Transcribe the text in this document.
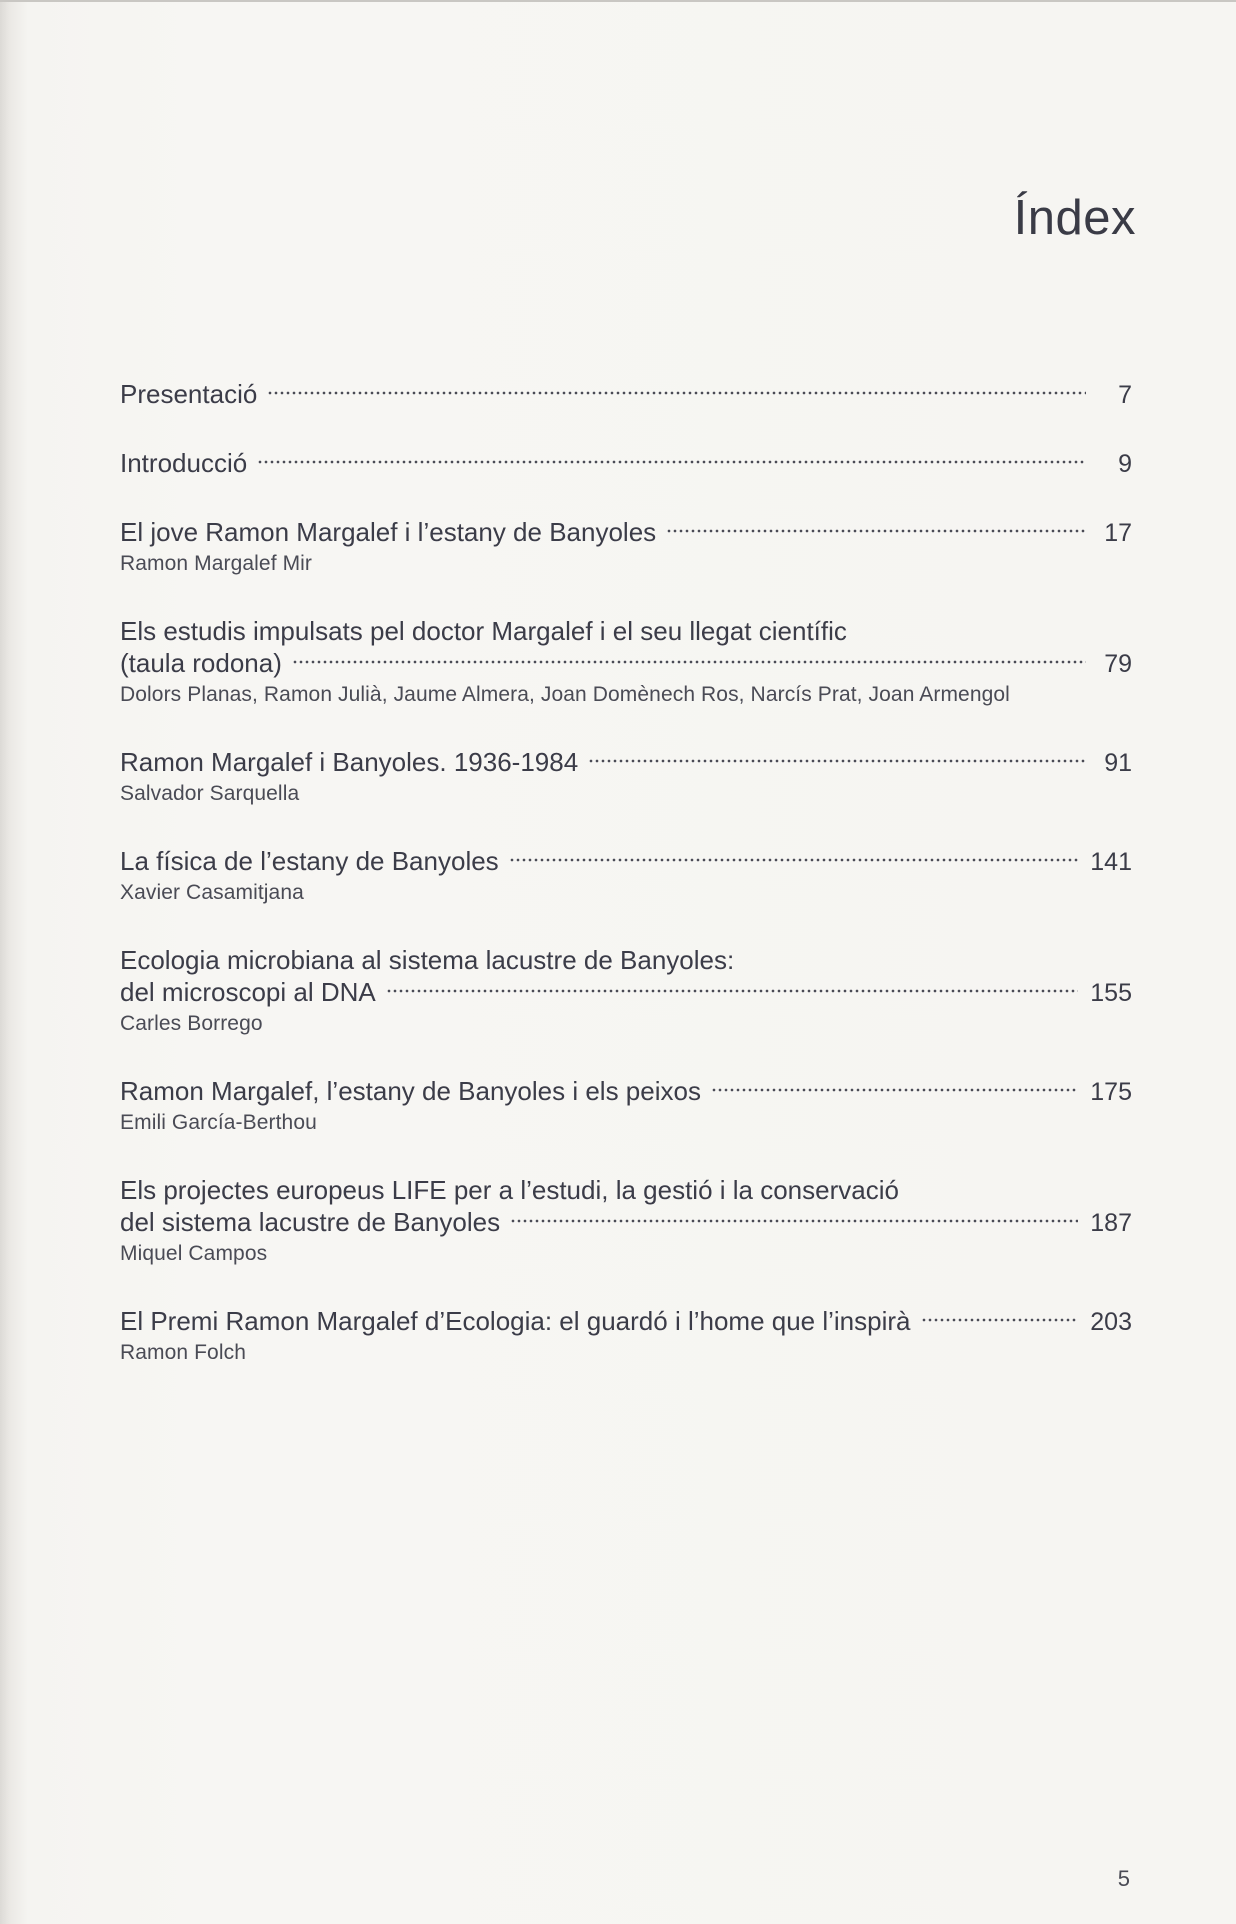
Índex
Presentació	7
Introducció	9
El jove Ramon Margalef i l’estany de Banyoles	17
Ramon Margalef Mir
Els estudis impulsats pel doctor Margalef i el seu llegat científic
(taula rodona)	79
Dolors Planas, Ramon Julià, Jaume Almera, Joan Domènech Ros, Narcís Prat, Joan Armengol
Ramon Margalef i Banyoles. 1936-1984	91
Salvador Sarquella
La física de l’estany de Banyoles	141
Xavier Casamitjana
Ecologia microbiana al sistema lacustre de Banyoles:
del microscopi al DNA	155
Carles Borrego
Ramon Margalef, l’estany de Banyoles i els peixos	175
Emili García-Berthou
Els projectes europeus LIFE per a l’estudi, la gestió i la conservació
del sistema lacustre de Banyoles	187
Miquel Campos
El Premi Ramon Margalef d’Ecologia: el guardó i l’home que l’inspirà	203
Ramon Folch
5
